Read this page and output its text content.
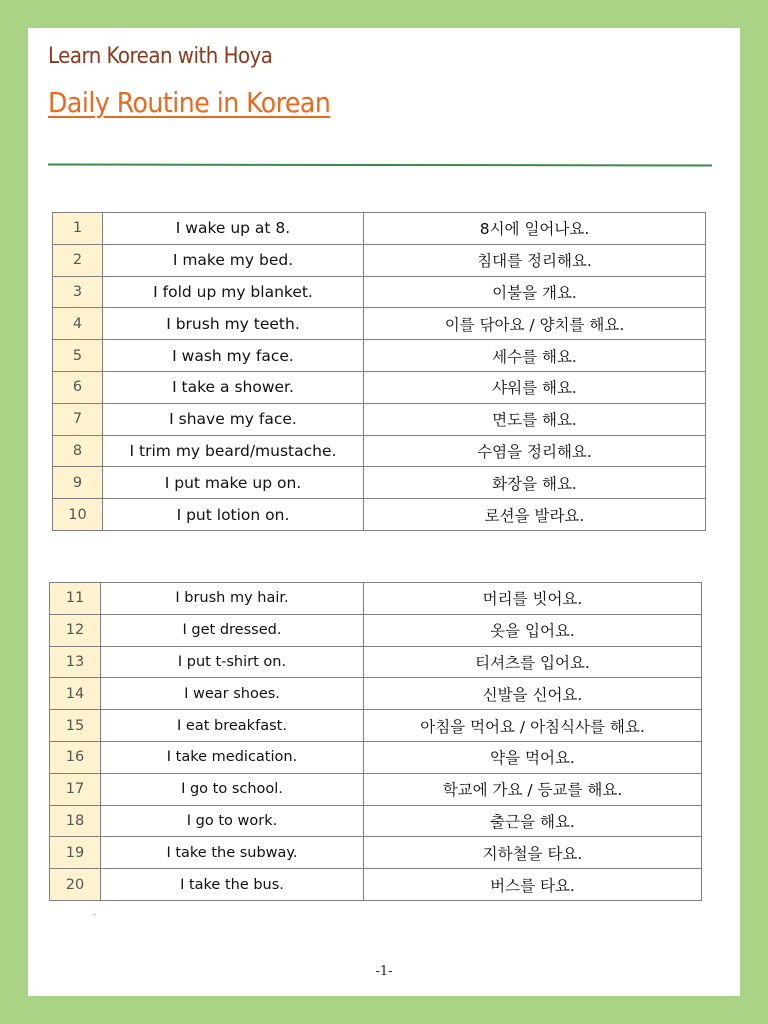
Learn Korean with Hoya
Daily Routine in Korean
1	I wake up at 8.	8시에 일어나요.
2	I make my bed.	침대를 정리해요.
3	I fold up my blanket.	이불을 개요.
4	I brush my teeth.	이를 닦아요 / 양치를 해요.
5	I wash my face.	세수를 해요.
6	I take a shower.	샤워를 해요.
7	I shave my face.	면도를 해요.
8	I trim my beard/mustache.	수염을 정리해요.
9	I put make up on.	화장을 해요.
10	I put lotion on.	로션을 발라요.
11	I brush my hair.	머리를 빗어요.
12	I get dressed.	옷을 입어요.
13	I put t-shirt on.	티셔츠를 입어요.
14	I wear shoes.	신발을 신어요.
15	I eat breakfast.	아침을 먹어요 / 아침식사를 해요.
16	I take medication.	약을 먹어요.
17	I go to school.	학교에 가요 / 등교를 해요.
18	I go to work.	출근을 해요.
19	I take the subway.	지하철을 타요.
20	I take the bus.	버스를 타요.
-
-1-
